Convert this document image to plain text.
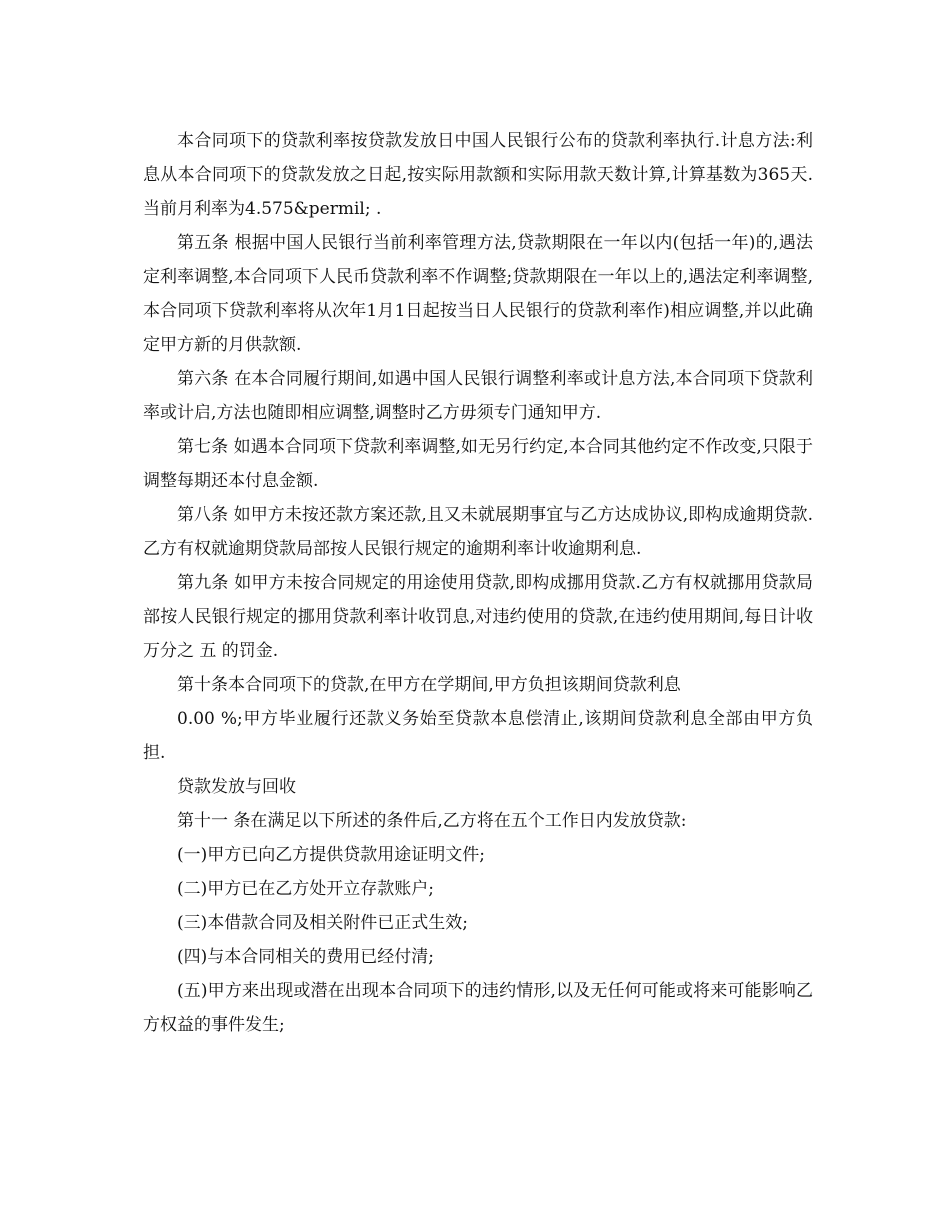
本合同项下的贷款利率按贷款发放日中国人民银行公布的贷款利率执行.计息方法:利息从本合同项下的贷款发放之日起,按实际用款额和实际用款天数计算,计算基数为365天.当前月利率为4.575&permil; .

第五条 根据中国人民银行当前利率管理方法,贷款期限在一年以内(包括一年)的,遇法定利率调整,本合同项下人民币贷款利率不作调整;贷款期限在一年以上的,遇法定利率调整,本合同项下贷款利率将从次年1月1日起按当日人民银行的贷款利率作)相应调整,并以此确定甲方新的月供款额.

第六条 在本合同履行期间,如遇中国人民银行调整利率或计息方法,本合同项下贷款利率或计启,方法也随即相应调整,调整时乙方毋须专门通知甲方.

第七条 如遇本合同项下贷款利率调整,如无另行约定,本合同其他约定不作改变,只限于调整每期还本付息金额.

第八条 如甲方未按还款方案还款,且又未就展期事宜与乙方达成协议,即构成逾期贷款.乙方有权就逾期贷款局部按人民银行规定的逾期利率计收逾期利息.

第九条 如甲方未按合同规定的用途使用贷款,即构成挪用贷款.乙方有权就挪用贷款局部按人民银行规定的挪用贷款利率计收罚息,对违约使用的贷款,在违约使用期间,每日计收万分之 五 的罚金.

第十条本合同项下的贷款,在甲方在学期间,甲方负担该期间贷款利息

0.00 %;甲方毕业履行还款义务始至贷款本息偿清止,该期间贷款利息全部由甲方负担.

贷款发放与回收

第十一 条在满足以下所述的条件后,乙方将在五个工作日内发放贷款:

(一)甲方已向乙方提供贷款用途证明文件;

(二)甲方已在乙方处开立存款账户;

(三)本借款合同及相关附件已正式生效;

(四)与本合同相关的费用已经付清;

(五)甲方来出现或潜在出现本合同项下的违约情形,以及无任何可能或将来可能影响乙方权益的事件发生;
